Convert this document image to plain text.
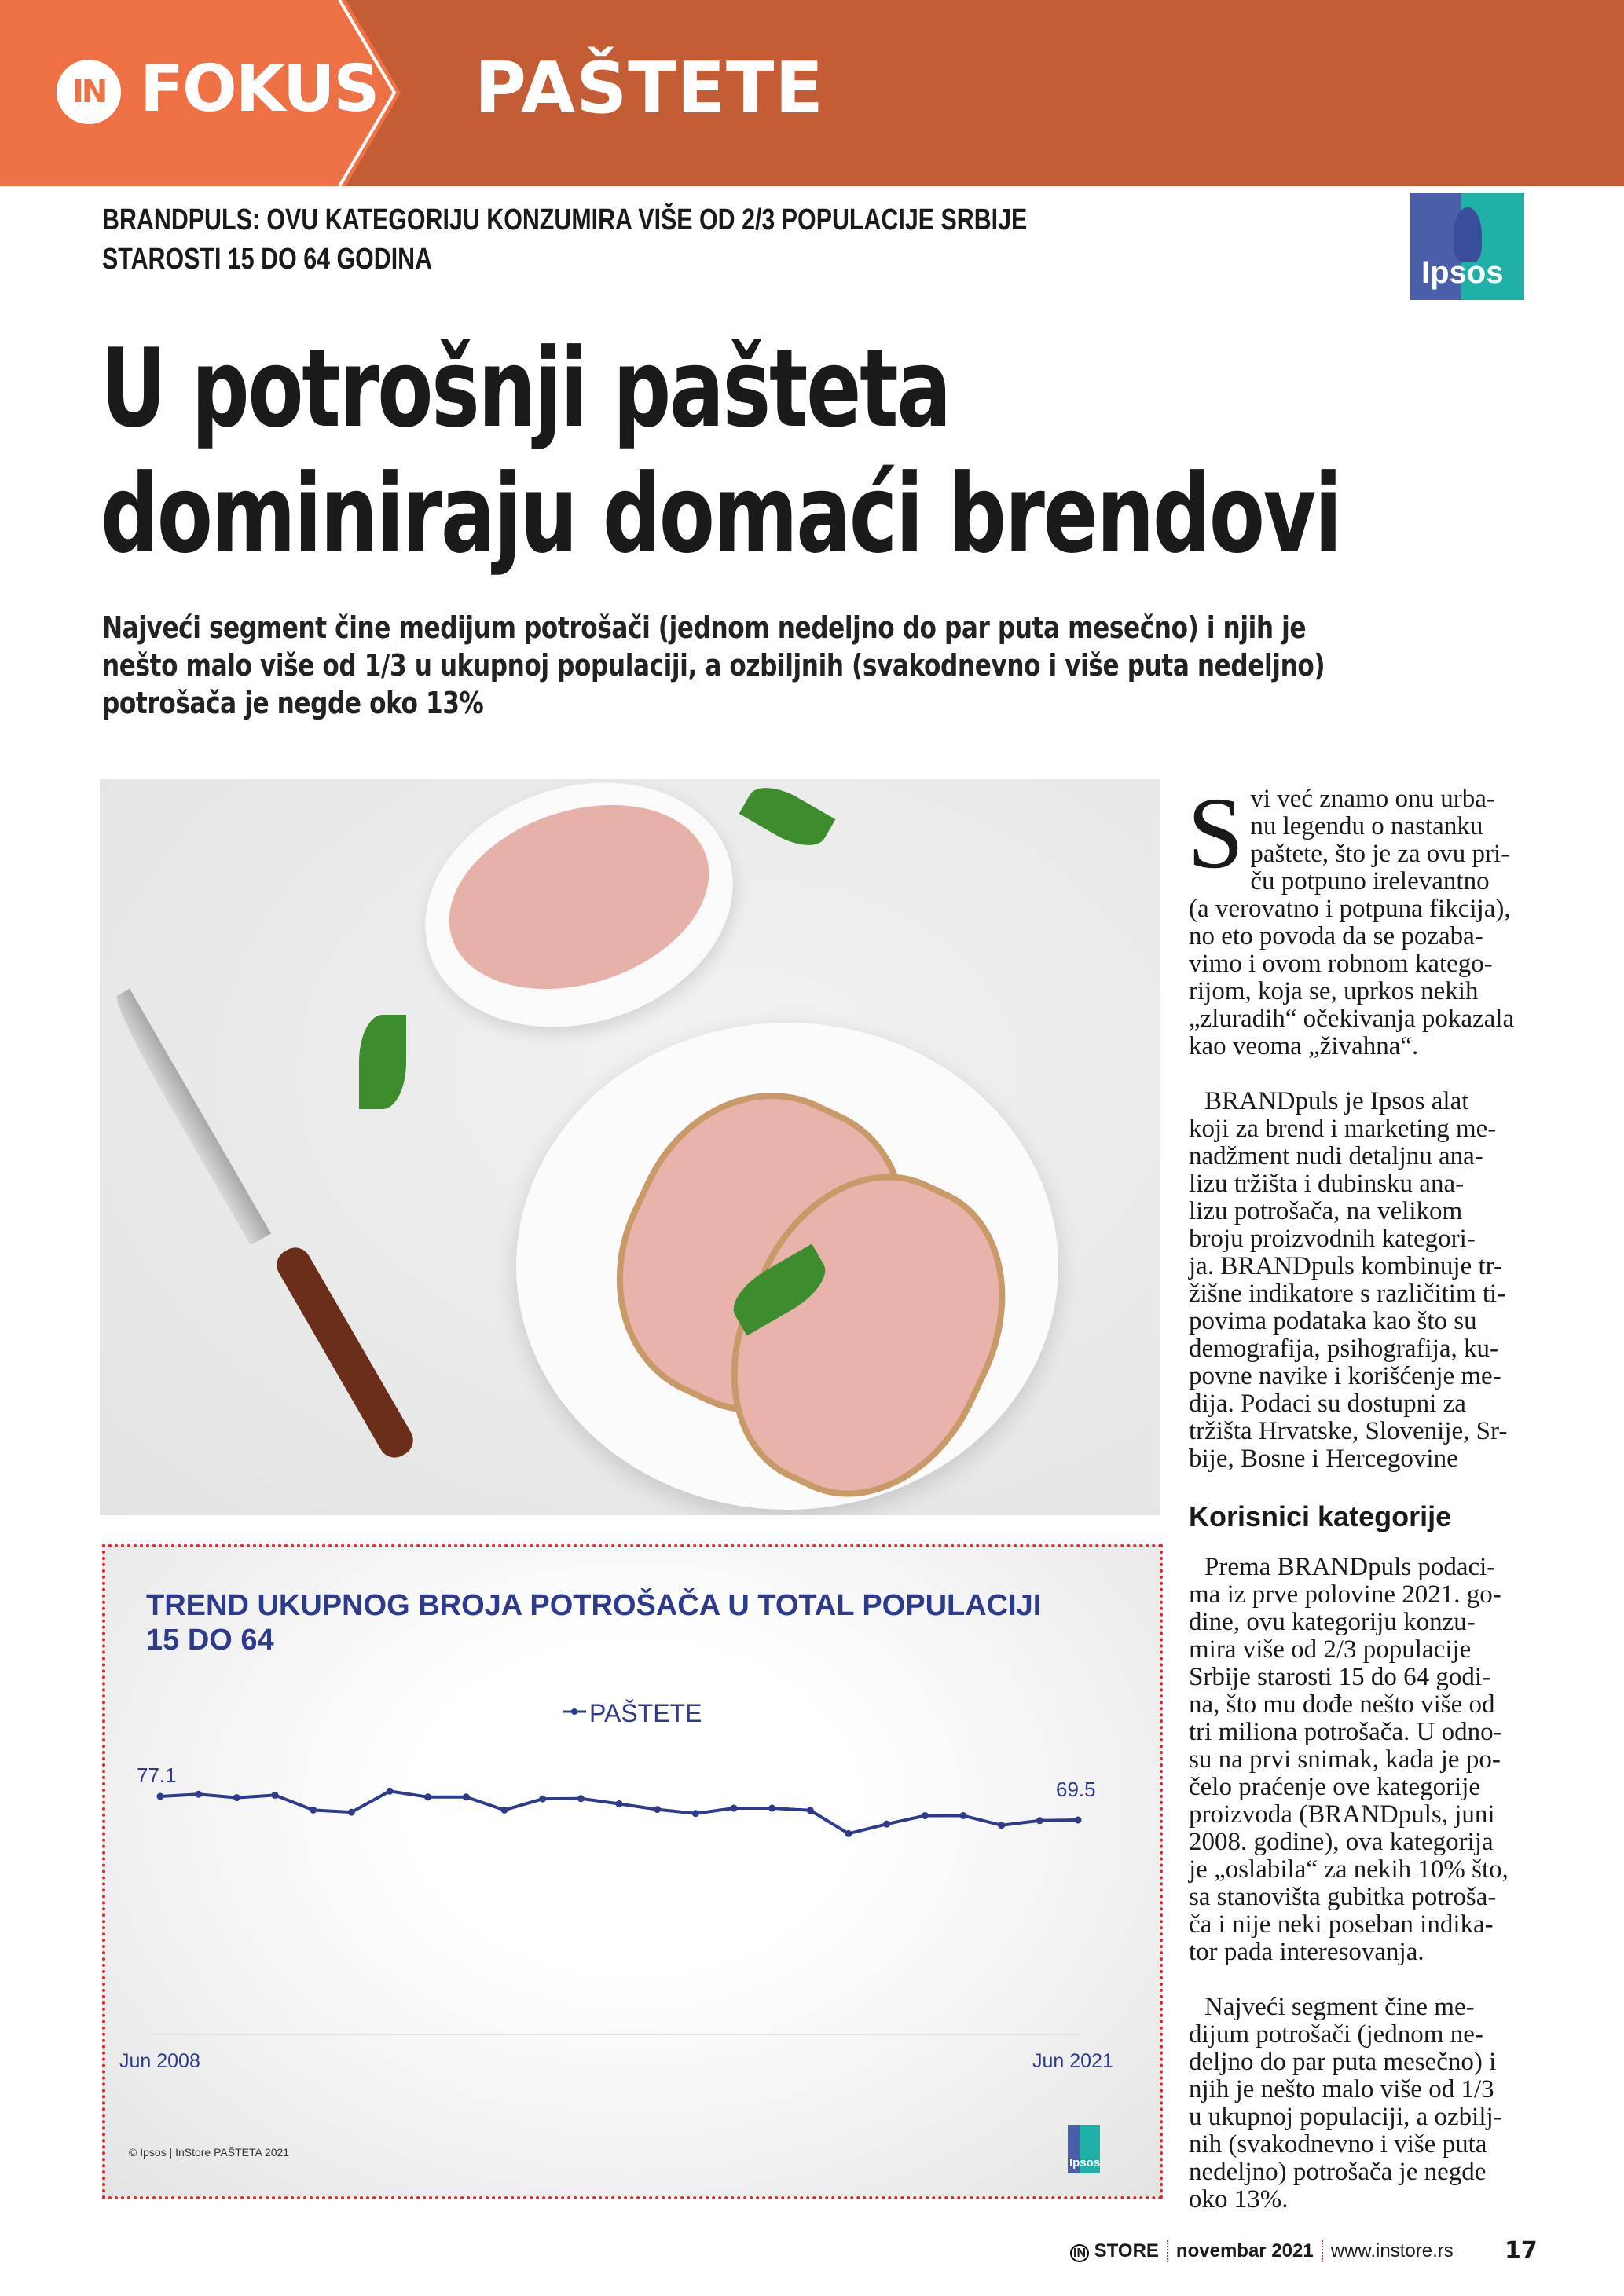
IN FOKUS PAŠTETE
BRANDPULS: OVU KATEGORIJU KONZUMIRA VIŠE OD 2/3 POPULACIJE SRBIJE
STAROSTI 15 DO 64 GODINA	Ipsos
U potrošnji pašteta
dominiraju domaći brendovi
Najveći segment čine medijum potrošači (jednom nedeljno do par puta mesečno) i njih je
nešto malo više od 1/3 u ukupnoj populaciji, a ozbiljnih (svakodnevno i više puta nedeljno)
potrošača je negde oko 13%
TREND UKUPNOG BROJA POTROŠAČA U TOTAL POPULACIJI
15 DO 64
PAŠTETE
77.1
69.5
Jun 2008	Jun 2021
© Ipsos | InStore PAŠTETA 2021
Ipsos
S vi već znamo onu urba-
nu legendu o nastanku
paštete, što je za ovu pri-
ču potpuno irelevantno
(a verovatno i potpuna fikcija),
no eto povoda da se pozaba-
vimo i ovom robnom katego-
rijom, koja se, uprkos nekih
„zluradih“ očekivanja pokazala
kao veoma „živahna“.
BRANDpuls je Ipsos alat
koji za brend i marketing me-
nadžment nudi detaljnu ana-
lizu tržišta i dubinsku ana-
lizu potrošača, na velikom
broju proizvodnih kategori-
ja. BRANDpuls kombinuje tr-
žišne indikatore s različitim ti-
povima podataka kao što su
demografija, psihografija, ku-
povne navike i korišćenje me-
dija. Podaci su dostupni za
tržišta Hrvatske, Slovenije, Sr-
bije, Bosne i Hercegovine
Korisnici kategorije
Prema BRANDpuls podaci-
ma iz prve polovine 2021. go-
dine, ovu kategoriju konzu-
mira više od 2/3 populacije
Srbije starosti 15 do 64 godi-
na, što mu dođe nešto više od
tri miliona potrošača. U odno-
su na prvi snimak, kada je po-
čelo praćenje ove kategorije
proizvoda (BRANDpuls, juni
2008. godine), ova kategorija
je „oslabila“ za nekih 10% što,
sa stanovišta gubitka potroša-
ča i nije neki poseban indika-
tor pada interesovanja.
Najveći segment čine me-
dijum potrošači (jednom ne-
deljno do par puta mesečno) i
njih je nešto malo više od 1/3
u ukupnoj populaciji, a ozbilj-
nih (svakodnevno i više puta
nedeljno) potrošača je negde
oko 13%.
IN STORE novembar 2021 www.instore.rs 17
